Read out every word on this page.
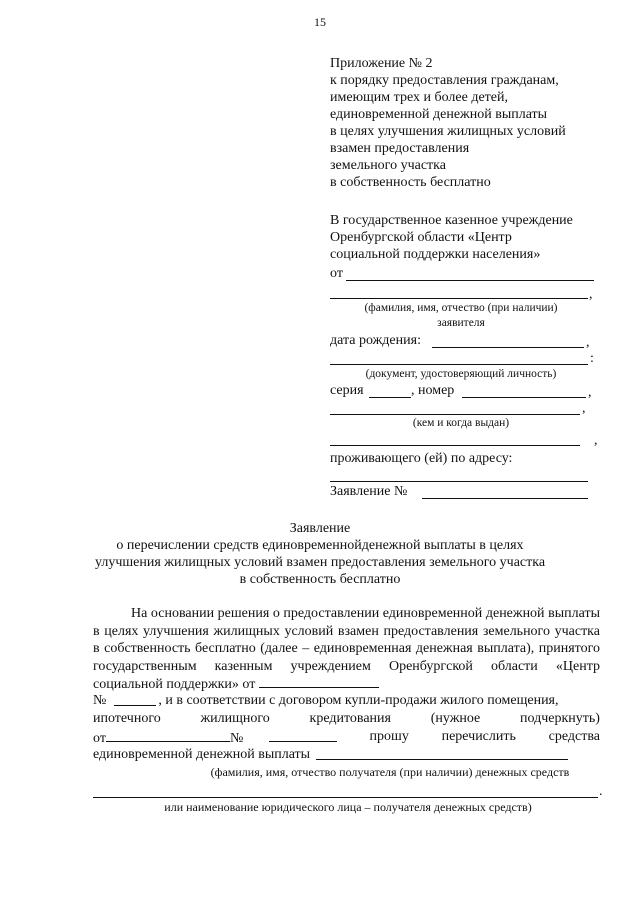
15
Приложение № 2
к порядку предоставления гражданам,
имеющим трех и более детей,
единовременной денежной выплаты
в целях улучшения жилищных условий
взамен предоставления
земельного участка
в собственность бесплатно
В государственное казенное учреждение
Оренбургской области «Центр
социальной поддержки населения»
от
,
(фамилия, имя, отчество (при наличии)
заявителя
дата рождения:	,
:
(документ, удостоверяющий личность)
серия	, номер	,
,
(кем и когда выдан)
,
проживающего (ей) по адресу:
Заявление №
Заявление
о перечислении средств единовременнойденежной выплаты в целях
улучшения жилищных условий взамен предоставления земельного участка
в собственность бесплатно
На основании решения о предоставлении единовременной денежной выплаты в целях улучшения жилищных условий взамен предоставления земельного участка в собственность бесплатно (далее – единовременная денежная выплата), принятого государственным казенным учреждением Оренбургской области «Центр социальной поддержки» от
№	, и в соответствии с договором купли-продажи жилого помещения,
ипотечного	жилищного	кредитования	(нужное	подчеркнуть)
от	№	прошу перечислить средства
единовременной денежной выплаты
(фамилия, имя, отчество получателя (при наличии) денежных средств
.
или наименование юридического лица – получателя денежных средств)
